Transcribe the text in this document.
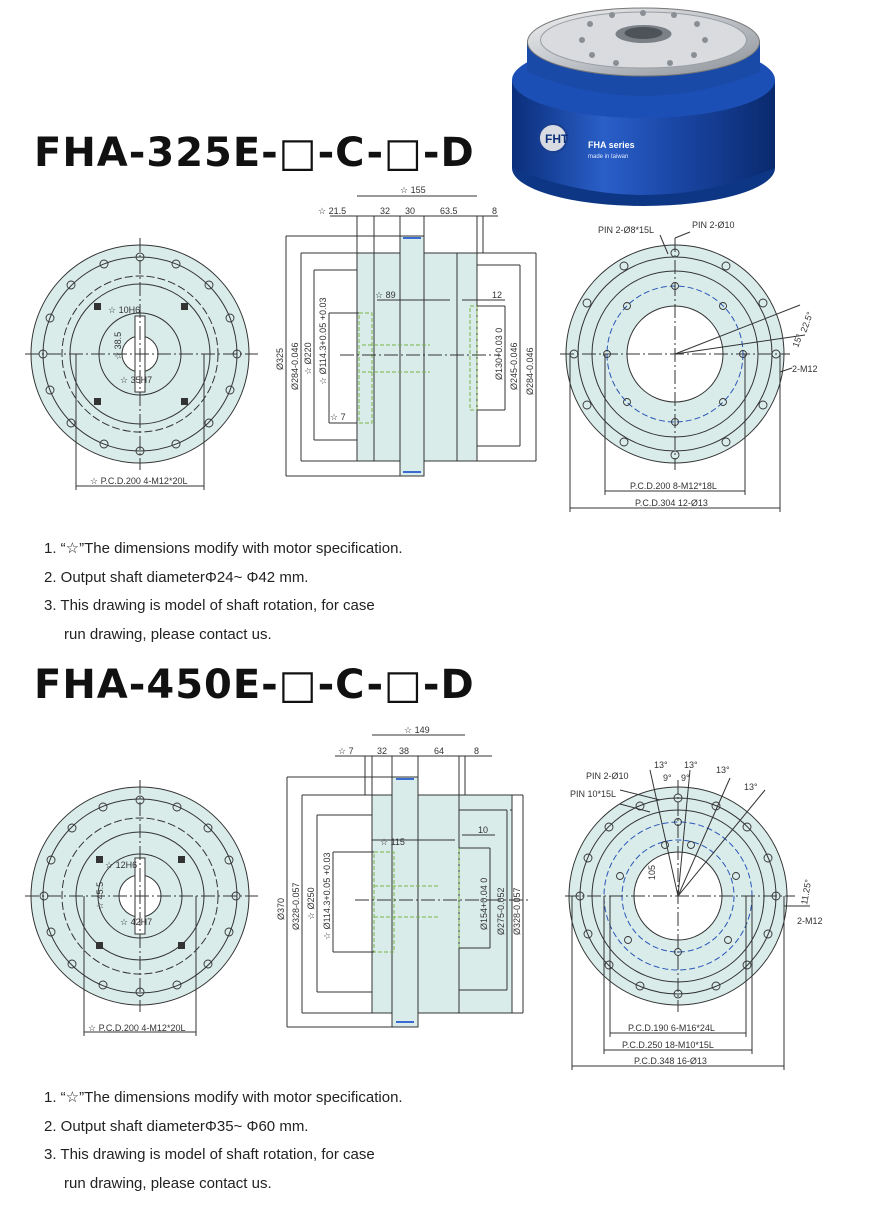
FHA-325E-□-C-□-D
FHA-450E-□-C-□-D
1. “☆”The dimensions modify with motor specification.
2. Output shaft diameterΦ24~ Φ42 mm.
3. This drawing is model of shaft rotation, for case
run drawing, please contact us.
1. “☆”The dimensions modify with motor specification.
2. Output shaft diameterΦ35~ Φ60 mm.
3. This drawing is model of shaft rotation, for case
run drawing, please contact us.
FHT FHA series
made in taiwan
☆ 10H6
☆ 38.5
☆ 35H7
☆ P.C.D.200 4-M12*20L
☆ 155
☆ 21.5	32 30	63.5	8
☆ 89	12
☆ 7
Ø325 Ø284-0.046 ☆ Ø220 ☆ Ø114.3+0.05 +0.03	Ø130+0.03 0 Ø245-0.046 Ø284-0.046
PIN 2-Ø8*15L	PIN 2-Ø10
22.5°
15°
2-M12
P.C.D.200 8-M12*18L
P.C.D.304 12-Ø13
☆ 12H6
☆ 45.5
☆ 42H7
☆ P.C.D.200 4-M12*20L
☆ 149
☆ 7	32 38	64	8
☆ 115
10
Ø370 Ø328-0.057 ☆ Ø250 ☆ Ø114.3+0.05 +0.03	Ø154+0.04 0 Ø275-0.052 Ø328-0.057
PIN 2-Ø10
PIN 10*15L
13° 13° 13°
13°
9° 9°
11.25°
105
2-M12
P.C.D.190 6-M16*24L
P.C.D.250 18-M10*15L
P.C.D.348 16-Ø13
